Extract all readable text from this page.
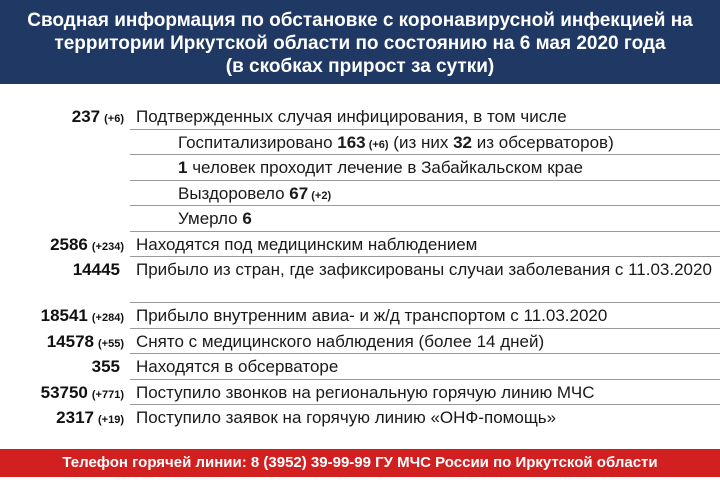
Сводная информация по обстановке с коронавирусной инфекцией на
территории Иркутской области по состоянию на 6 мая 2020 года
(в скобках прирост за сутки)
237 (+6) Подтвержденных случая инфицирования, в том числе
Госпитализировано 163 (+6) (из них 32 из обсерваторов)
1 человек проходит лечение в Забайкальском крае
Выздоровело 67 (+2)
Умерло 6
2586 (+234) Находятся под медицинским наблюдением
14445 Прибыло из стран, где зафиксированы случаи заболевания с 11.03.2020
18541 (+284) Прибыло внутренним авиа- и ж/д транспортом с 11.03.2020
14578 (+55) Снято с медицинского наблюдения (более 14 дней)
355 Находятся в обсерваторе
53750 (+771) Поступило звонков на региональную горячую линию МЧС
2317 (+19) Поступило заявок на горячую линию «ОНФ-помощь»
Телефон горячей линии: 8 (3952) 39-99-99 ГУ МЧС России по Иркутской области
